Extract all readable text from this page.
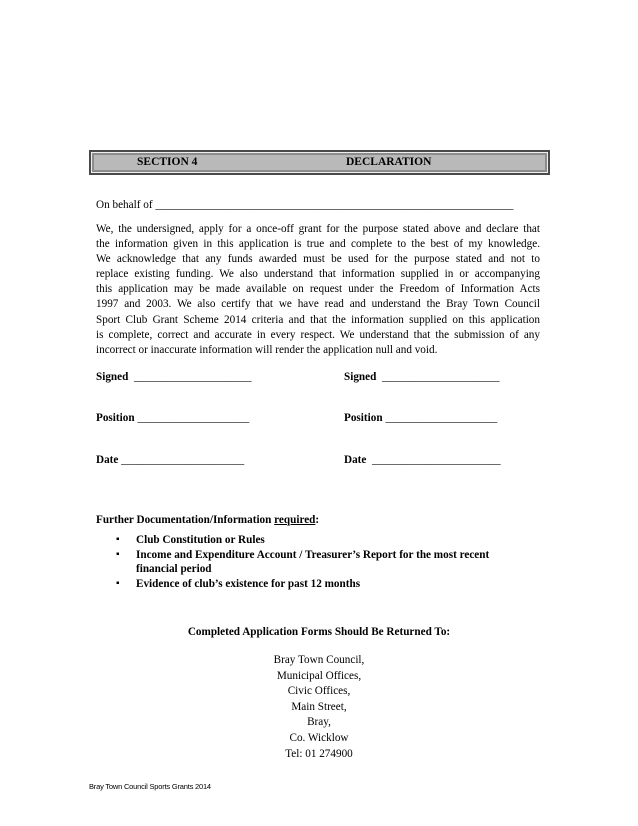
SECTION 4	DECLARATION
On behalf of ________________________________________________________________
We, the undersigned, apply for a once-off grant for the purpose stated above and declare that
the information given in this application is true and complete to the best of my knowledge.
We acknowledge that any funds awarded must be used for the purpose stated and not to
replace existing funding. We also understand that information supplied in or accompanying
this application may be made available on request under the Freedom of Information Acts
1997 and 2003. We also certify that we have read and understand the Bray Town Council
Sport Club Grant Scheme 2014 criteria and that the information supplied on this application
is complete, correct and accurate in every respect. We understand that the submission of any
incorrect or inaccurate information will render the application null and void.
Signed _____________________	Signed _____________________
Position ____________________	Position ____________________
Date ______________________	Date _______________________
Further Documentation/Information required:
▪ Club Constitution or Rules
▪ Income and Expenditure Account / Treasurer’s Report for the most recent
financial period
▪ Evidence of club’s existence for past 12 months
Completed Application Forms Should Be Returned To:
Bray Town Council,
Municipal Offices,
Civic Offices,
Main Street,
Bray,
Co. Wicklow
Tel: 01 274900
Bray Town Council Sports Grants 2014
